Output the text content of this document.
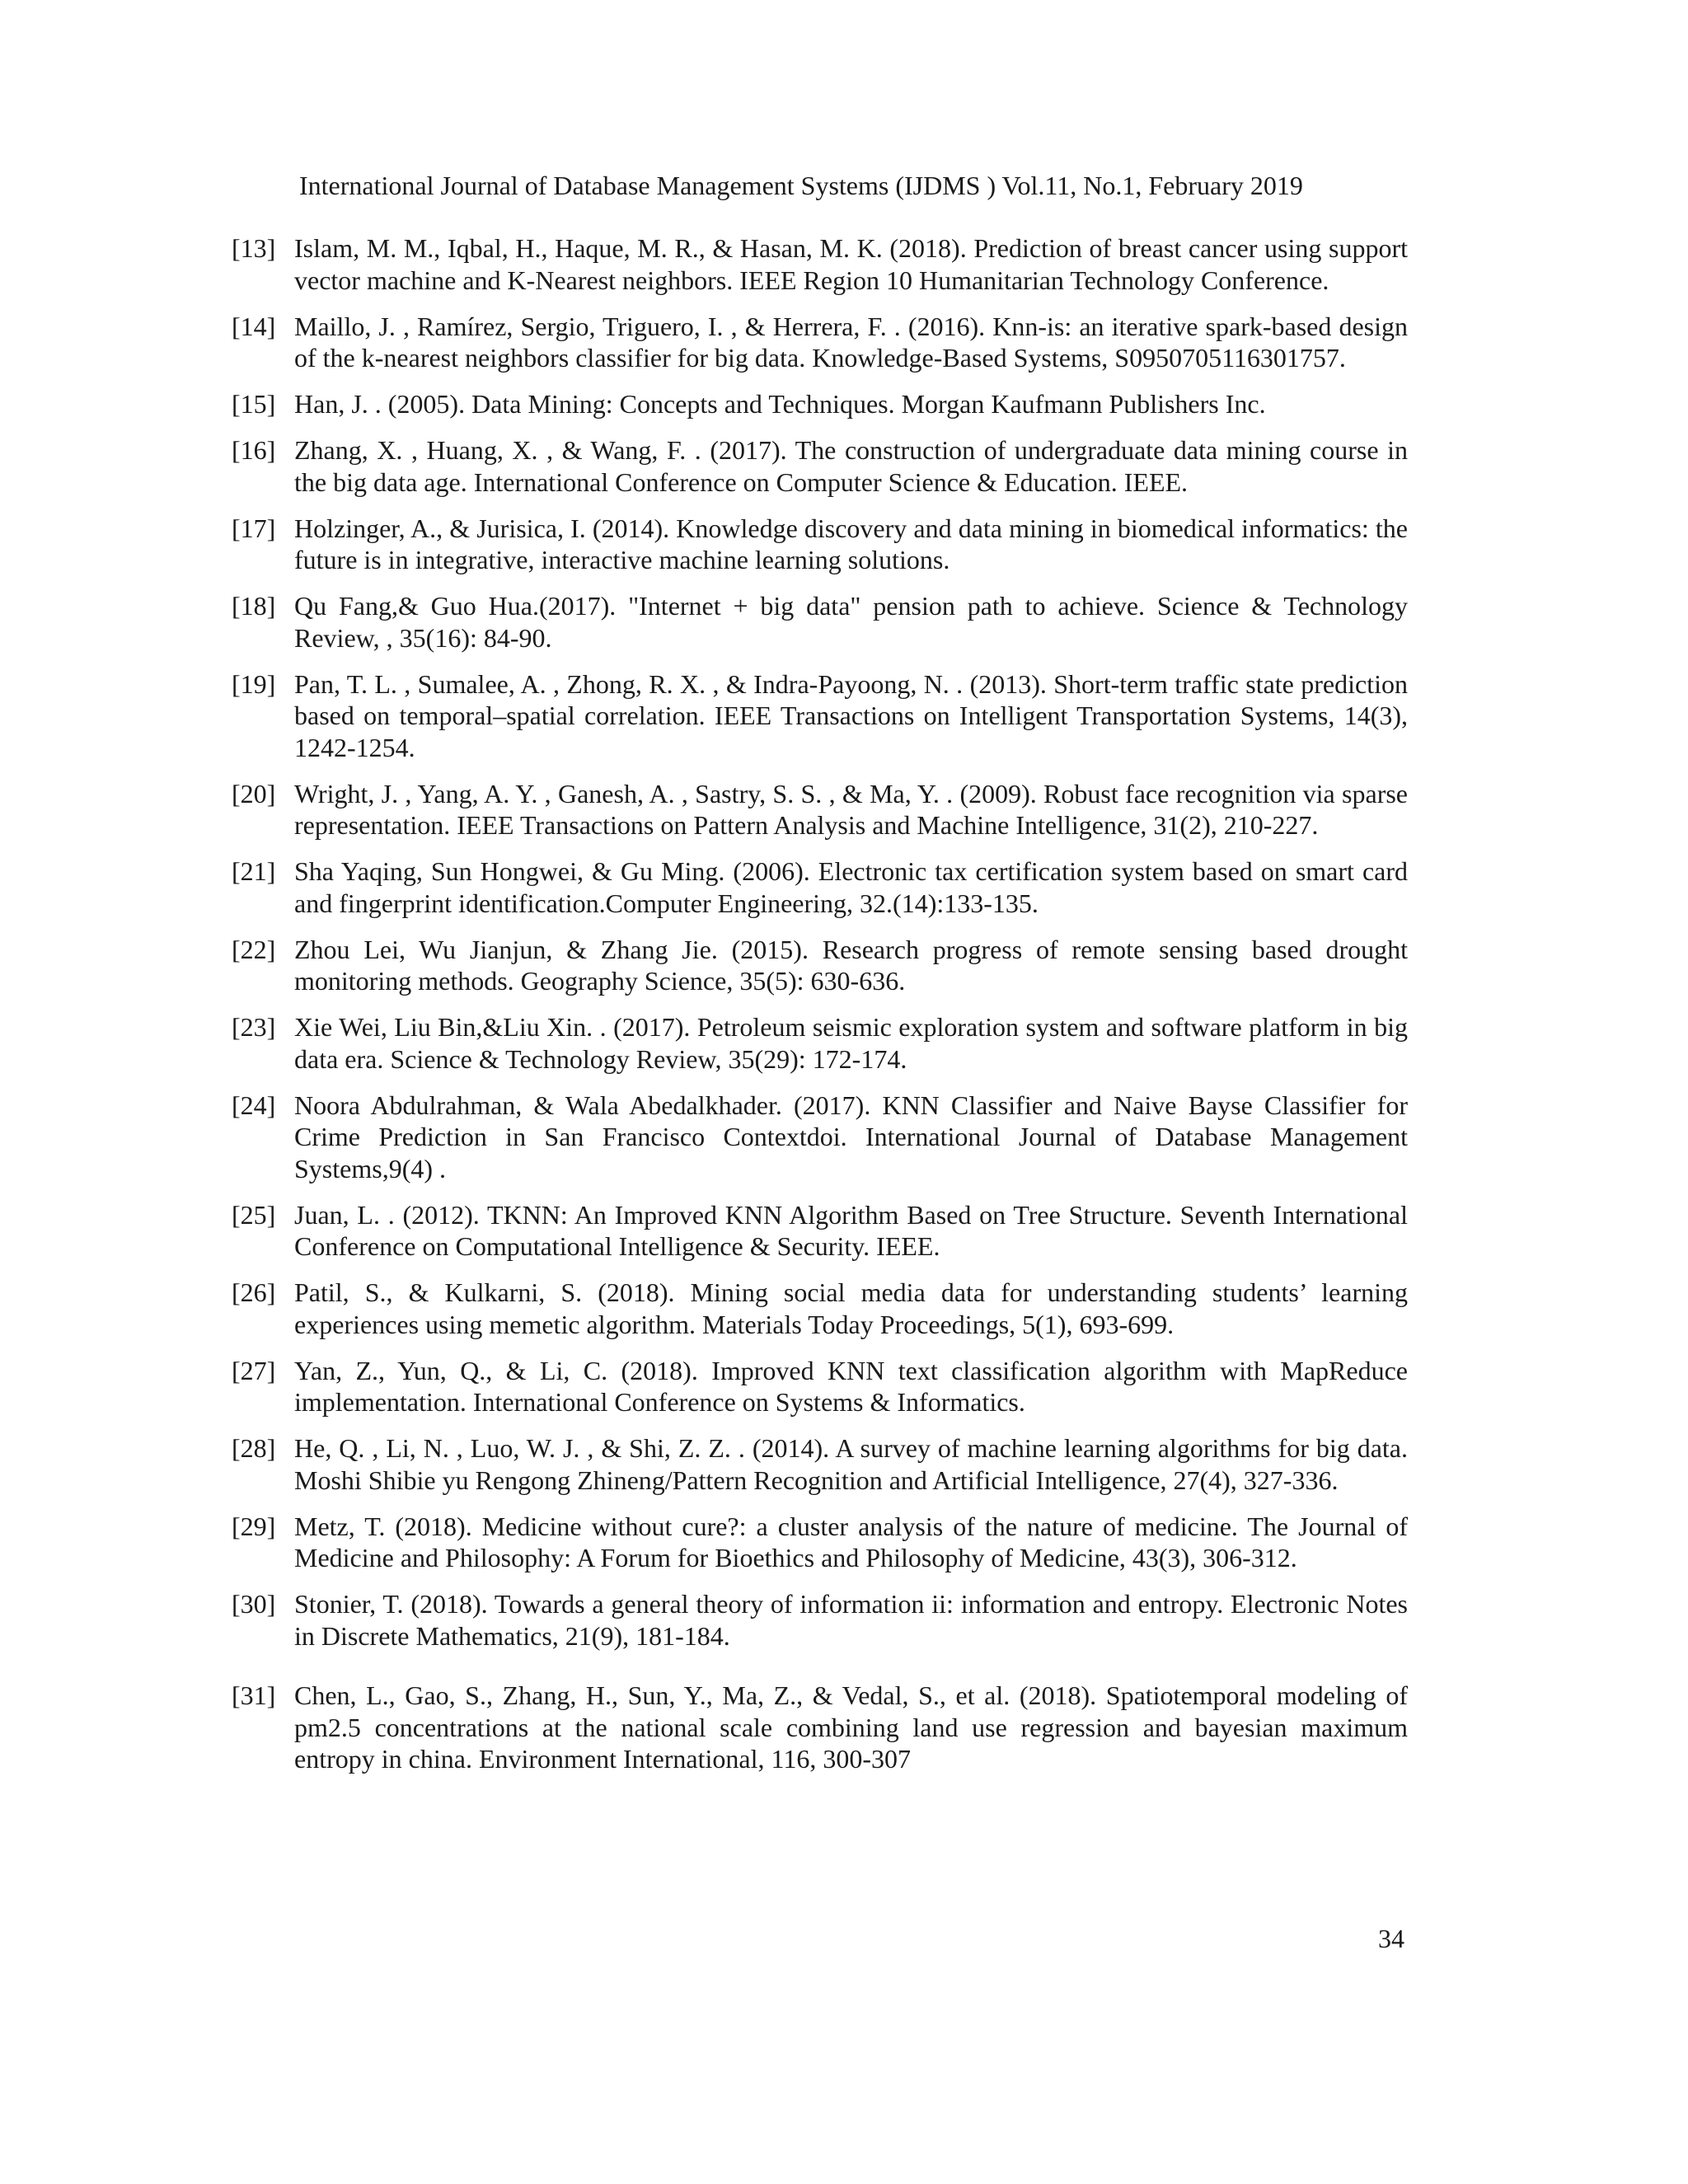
International Journal of Database Management Systems (IJDMS ) Vol.11, No.1, February 2019
[13] Islam, M. M., Iqbal, H., Haque, M. R., & Hasan, M. K. (2018). Prediction of breast cancer using support vector machine and K-Nearest neighbors. IEEE Region 10 Humanitarian Technology Conference.
[14] Maillo, J. , Ramírez, Sergio, Triguero, I. , & Herrera, F. . (2016). Knn-is: an iterative spark-based design of the k-nearest neighbors classifier for big data. Knowledge-Based Systems, S0950705116301757.
[15] Han, J. . (2005). Data Mining: Concepts and Techniques. Morgan Kaufmann Publishers Inc.
[16] Zhang, X. , Huang, X. , & Wang, F. . (2017). The construction of undergraduate data mining course in the big data age. International Conference on Computer Science & Education. IEEE.
[17] Holzinger, A., & Jurisica, I. (2014). Knowledge discovery and data mining in biomedical informatics: the future is in integrative, interactive machine learning solutions.
[18] Qu Fang,& Guo Hua.(2017). "Internet + big data" pension path to achieve. Science & Technology Review, , 35(16): 84-90.
[19] Pan, T. L. , Sumalee, A. , Zhong, R. X. , & Indra-Payoong, N. . (2013). Short-term traffic state prediction based on temporal–spatial correlation. IEEE Transactions on Intelligent Transportation Systems, 14(3), 1242-1254.
[20] Wright, J. , Yang, A. Y. , Ganesh, A. , Sastry, S. S. , & Ma, Y. . (2009). Robust face recognition via sparse representation. IEEE Transactions on Pattern Analysis and Machine Intelligence, 31(2), 210-227.
[21] Sha Yaqing, Sun Hongwei, & Gu Ming. (2006). Electronic tax certification system based on smart card and fingerprint identification.Computer Engineering, 32.(14):133-135.
[22] Zhou Lei, Wu Jianjun, & Zhang Jie. (2015). Research progress of remote sensing based drought monitoring methods. Geography Science, 35(5): 630-636.
[23] Xie Wei, Liu Bin,&Liu Xin. . (2017). Petroleum seismic exploration system and software platform in big data era. Science & Technology Review, 35(29): 172-174.
[24] Noora Abdulrahman, & Wala Abedalkhader. (2017). KNN Classifier and Naive Bayse Classifier for Crime Prediction in San Francisco Contextdoi. International Journal of Database Management Systems,9(4) .
[25] Juan, L. . (2012). TKNN: An Improved KNN Algorithm Based on Tree Structure. Seventh International Conference on Computational Intelligence & Security. IEEE.
[26] Patil, S., & Kulkarni, S. (2018). Mining social media data for understanding students’ learning experiences using memetic algorithm. Materials Today Proceedings, 5(1), 693-699.
[27] Yan, Z., Yun, Q., & Li, C. (2018). Improved KNN text classification algorithm with MapReduce implementation. International Conference on Systems & Informatics.
[28] He, Q. , Li, N. , Luo, W. J. , & Shi, Z. Z. . (2014). A survey of machine learning algorithms for big data. Moshi Shibie yu Rengong Zhineng/Pattern Recognition and Artificial Intelligence, 27(4), 327-336.
[29] Metz, T. (2018). Medicine without cure?: a cluster analysis of the nature of medicine. The Journal of Medicine and Philosophy: A Forum for Bioethics and Philosophy of Medicine, 43(3), 306-312.
[30] Stonier, T. (2018). Towards a general theory of information ii: information and entropy. Electronic Notes in Discrete Mathematics, 21(9), 181-184.
[31] Chen, L., Gao, S., Zhang, H., Sun, Y., Ma, Z., & Vedal, S., et al. (2018). Spatiotemporal modeling of pm2.5 concentrations at the national scale combining land use regression and bayesian maximum entropy in china. Environment International, 116, 300-307
34
